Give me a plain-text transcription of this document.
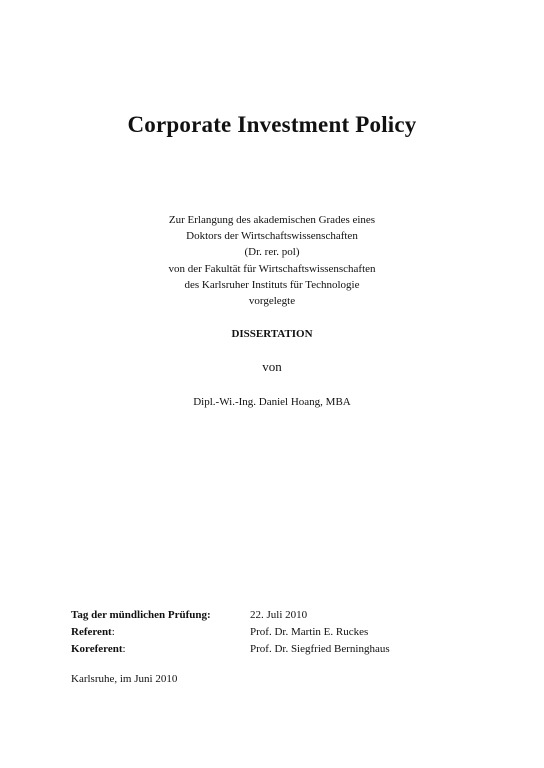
Corporate Investment Policy
Zur Erlangung des akademischen Grades eines
Doktors der Wirtschaftswissenschaften
(Dr. rer. pol)
von der Fakultät für Wirtschaftswissenschaften
des Karlsruher Instituts für Technologie
vorgelegte
DISSERTATION
von
Dipl.-Wi.-Ing. Daniel Hoang, MBA
Tag der mündlichen Prüfung:	22. Juli 2010
Referent:	Prof. Dr. Martin E. Ruckes
Koreferent:	Prof. Dr. Siegfried Berninghaus
Karlsruhe, im Juni 2010
